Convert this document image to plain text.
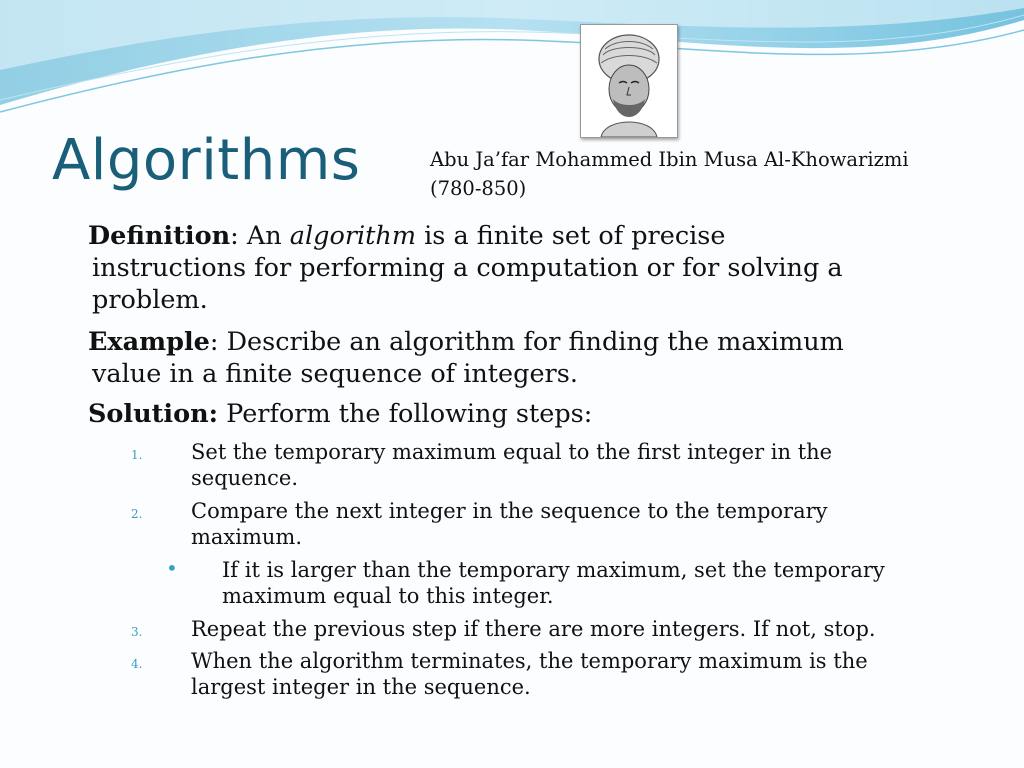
Algorithms	Abu Ja’far Mohammed Ibin Musa Al-Khowarizmi
(780-850)

Definition: An algorithm is a finite set of precise
instructions for performing a computation or for solving a
problem.

Example: Describe an algorithm for finding the maximum
value in a finite sequence of integers.

Solution: Perform the following steps:

1. Set the temporary maximum equal to the first integer in the
sequence.
2. Compare the next integer in the sequence to the temporary
maximum.
• If it is larger than the temporary maximum, set the temporary
maximum equal to this integer.
3. Repeat the previous step if there are more integers. If not, stop.
4. When the algorithm terminates, the temporary maximum is the
largest integer in the sequence.
